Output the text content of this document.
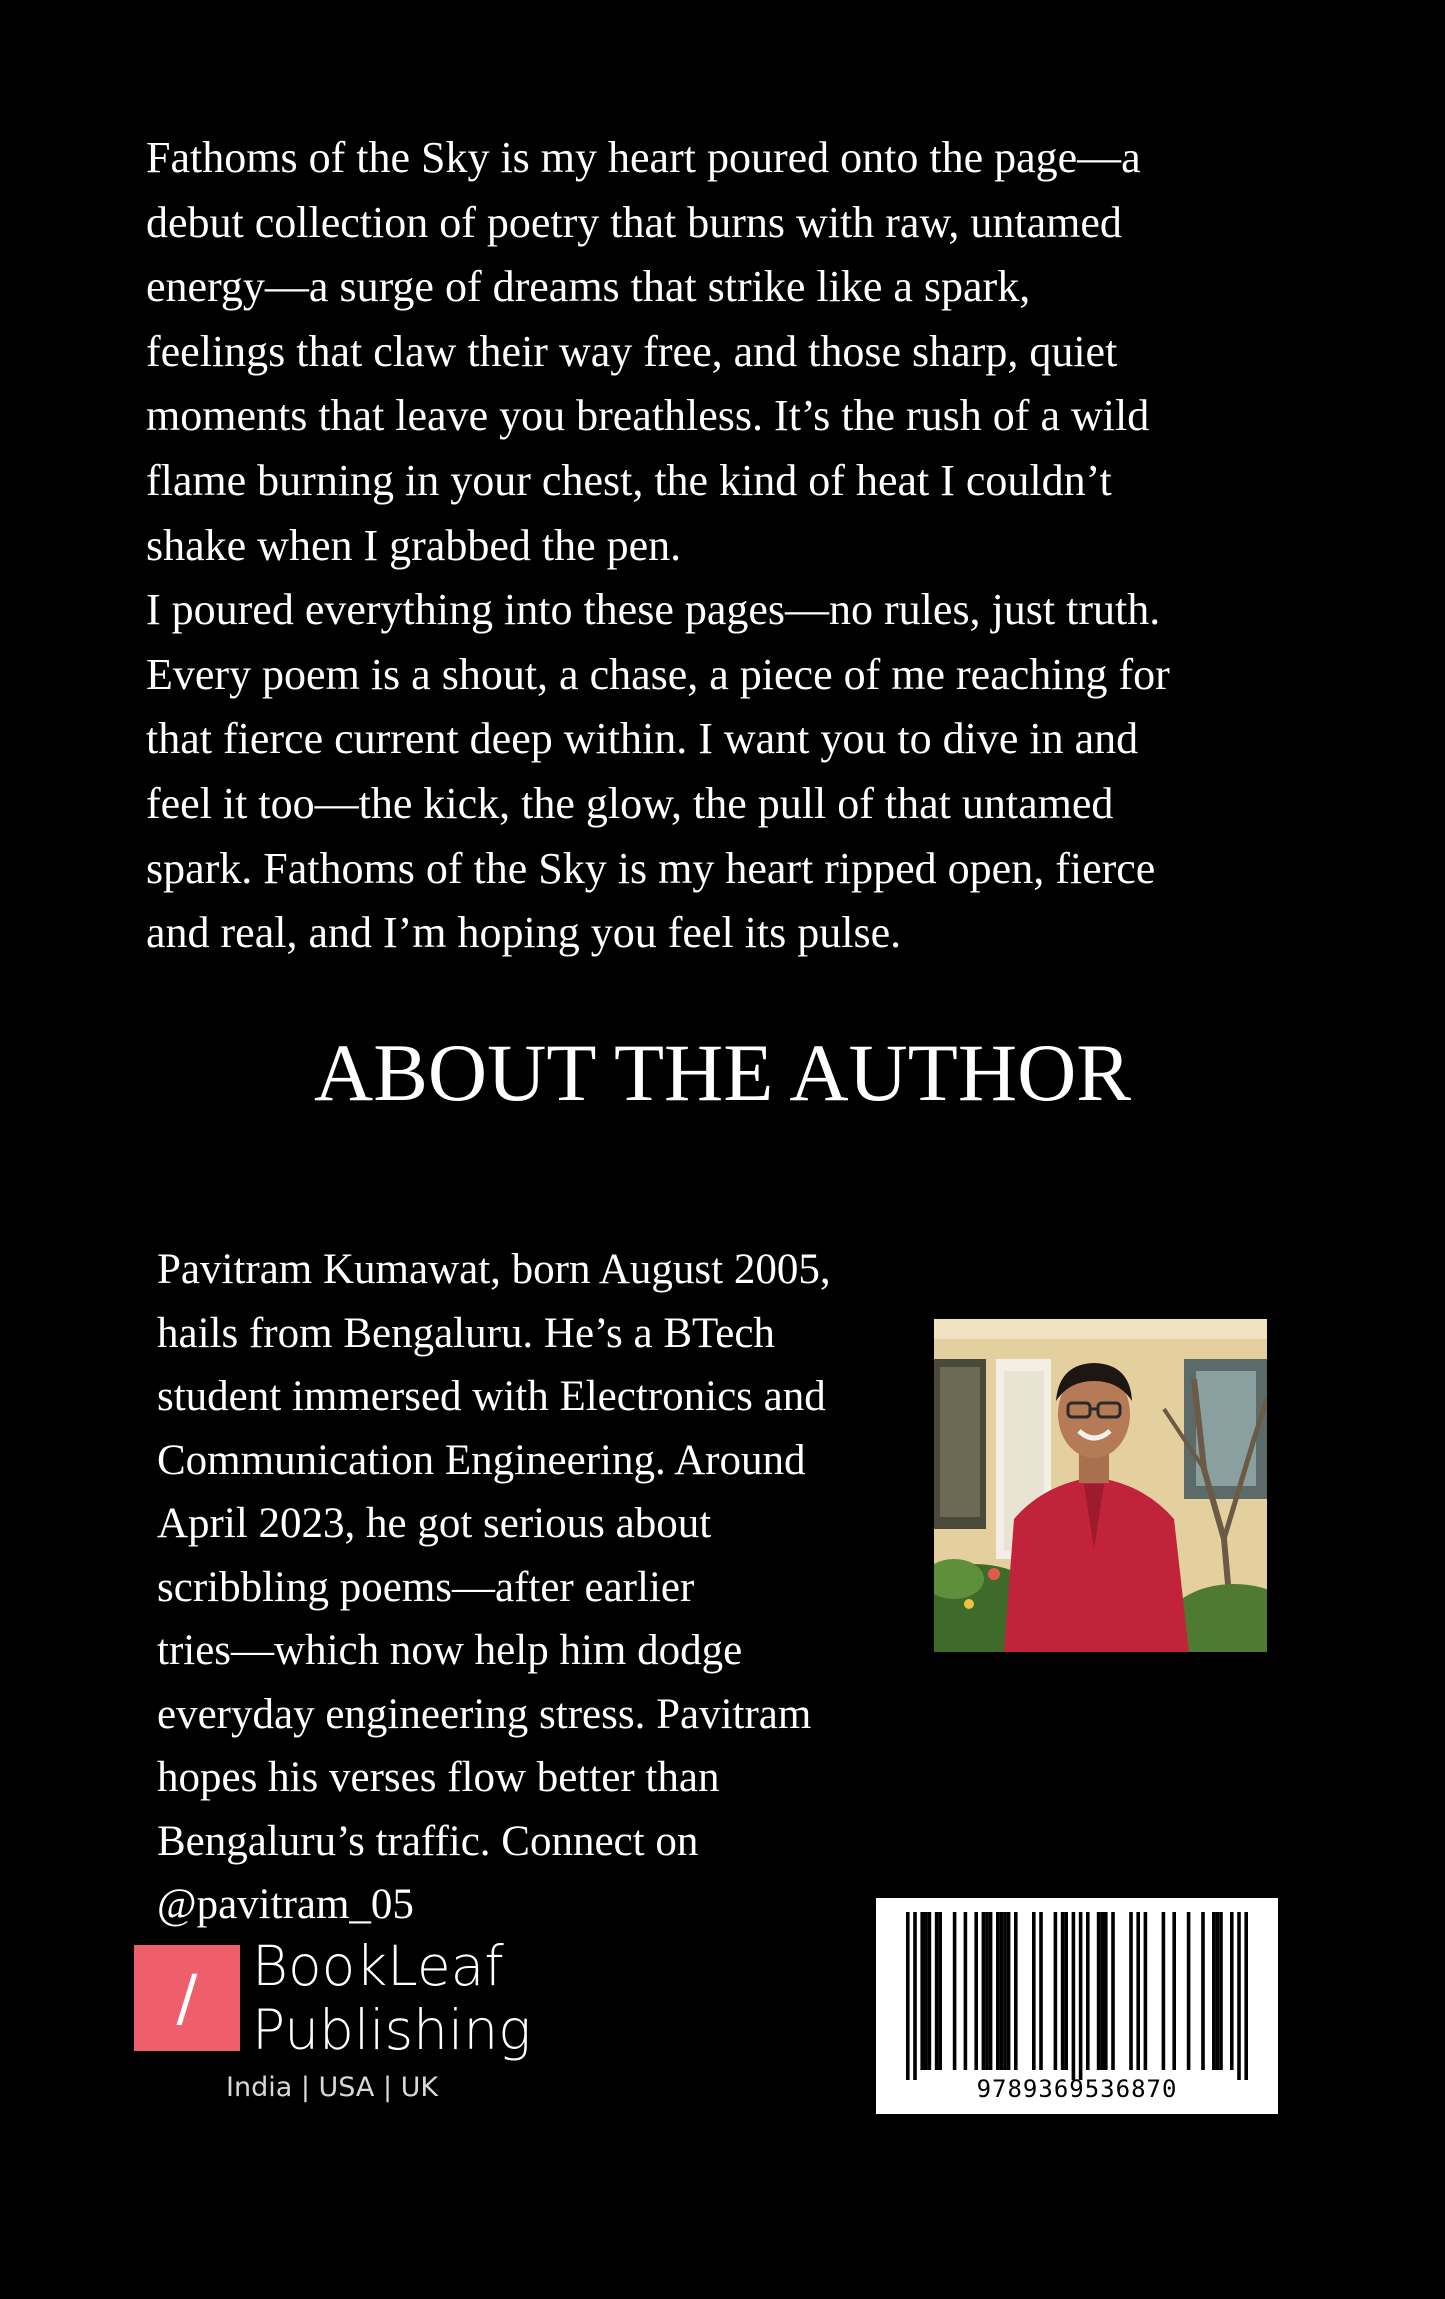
Fathoms of the Sky is my heart poured onto the page—a

debut collection of poetry that burns with raw, untamed

energy—a surge of dreams that strike like a spark,

feelings that claw their way free, and those sharp, quiet

moments that leave you breathless. It’s the rush of a wild

flame burning in your chest, the kind of heat I couldn’t

shake when I grabbed the pen.

I poured everything into these pages—no rules, just truth.

Every poem is a shout, a chase, a piece of me reaching for

that fierce current deep within. I want you to dive in and

feel it too—the kick, the glow, the pull of that untamed

spark. Fathoms of the Sky is my heart ripped open, fierce

and real, and I’m hoping you feel its pulse.

ABOUT THE AUTHOR

Pavitram Kumawat, born August 2005,

hails from Bengaluru. He’s a BTech

student immersed with Electronics and

Communication Engineering. Around

April 2023, he got serious about

scribbling poems—after earlier

tries—which now help him dodge

everyday engineering stress. Pavitram

hopes his verses flow better than

Bengaluru’s traffic. Connect on

@pavitram_05

/ BookLeaf
Publishing
India | USA | UK	9789369536870
